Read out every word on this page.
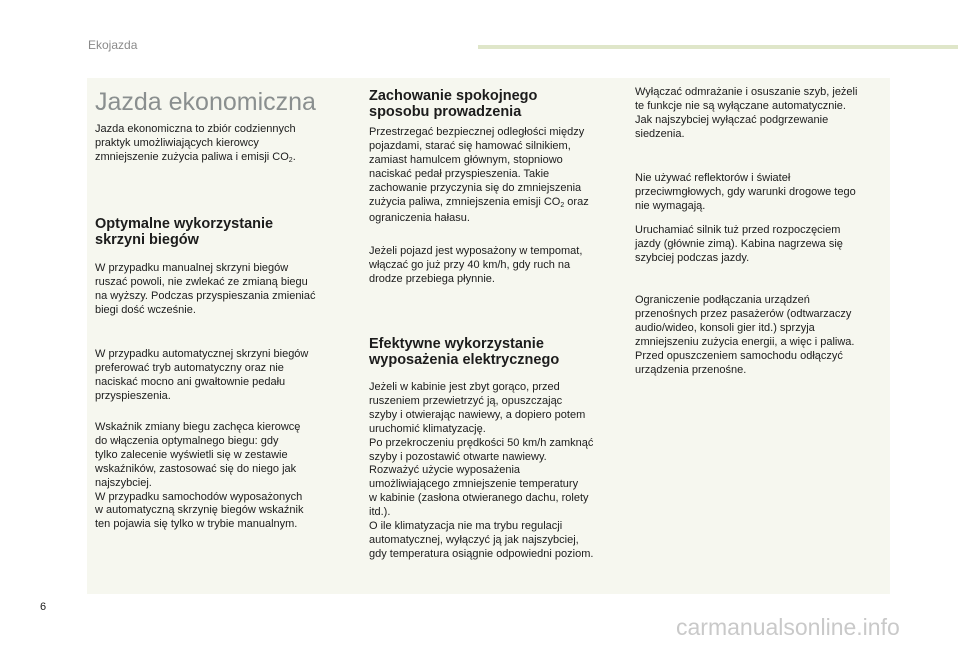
Ekojazda
Jazda ekonomiczna
Jazda ekonomiczna to zbiór codziennych
praktyk umożliwiających kierowcy
zmniejszenie zużycia paliwa i emisji $CO_2$.
Optymalne wykorzystanie
skrzyni biegów
W przypadku manualnej skrzyni biegów
ruszać powoli, nie zwlekać ze zmianą biegu
na wyższy. Podczas przyspieszania zmieniać
biegi dość wcześnie.
W przypadku automatycznej skrzyni biegów
preferować tryb automatyczny oraz nie
naciskać mocno ani gwałtownie pedału
przyspieszenia.
Wskaźnik zmiany biegu zachęca kierowcę
do włączenia optymalnego biegu: gdy
tylko zalecenie wyświetli się w zestawie
wskaźników, zastosować się do niego jak
najszybciej.
W przypadku samochodów wyposażonych
w automatyczną skrzynię biegów wskaźnik
ten pojawia się tylko w trybie manualnym.
Zachowanie spokojnego
sposobu prowadzenia
Przestrzegać bezpiecznej odległości między
pojazdami, starać się hamować silnikiem,
zamiast hamulcem głównym, stopniowo
naciskać pedał przyspieszenia. Takie
zachowanie przyczynia się do zmniejszenia
zużycia paliwa, zmniejszenia emisji $CO_2$ oraz
ograniczenia hałasu.
Jeżeli pojazd jest wyposażony w tempomat,
włączać go już przy 40 km/h, gdy ruch na
drodze przebiega płynnie.
Efektywne wykorzystanie
wyposażenia elektrycznego
Jeżeli w kabinie jest zbyt gorąco, przed
ruszeniem przewietrzyć ją, opuszczając
szyby i otwierając nawiewy, a dopiero potem
uruchomić klimatyzację.
Po przekroczeniu prędkości 50 km/h zamknąć
szyby i pozostawić otwarte nawiewy.
Rozważyć użycie wyposażenia
umożliwiającego zmniejszenie temperatury
w kabinie (zasłona otwieranego dachu, rolety
itd.).
O ile klimatyzacja nie ma trybu regulacji
automatycznej, wyłączyć ją jak najszybciej,
gdy temperatura osiągnie odpowiedni poziom.
Wyłączać odmrażanie i osuszanie szyb, jeżeli
te funkcje nie są wyłączane automatycznie.
Jak najszybciej wyłączać podgrzewanie
siedzenia.
Nie używać reflektorów i świateł
przeciwmgłowych, gdy warunki drogowe tego
nie wymagają.
Uruchamiać silnik tuż przed rozpoczęciem
jazdy (głównie zimą). Kabina nagrzewa się
szybciej podczas jazdy.
Ograniczenie podłączania urządzeń
przenośnych przez pasażerów (odtwarzaczy
audio/wideo, konsoli gier itd.) sprzyja
zmniejszeniu zużycia energii, a więc i paliwa.
Przed opuszczeniem samochodu odłączyć
urządzenia przenośne.
6
carmanualsonline.info
